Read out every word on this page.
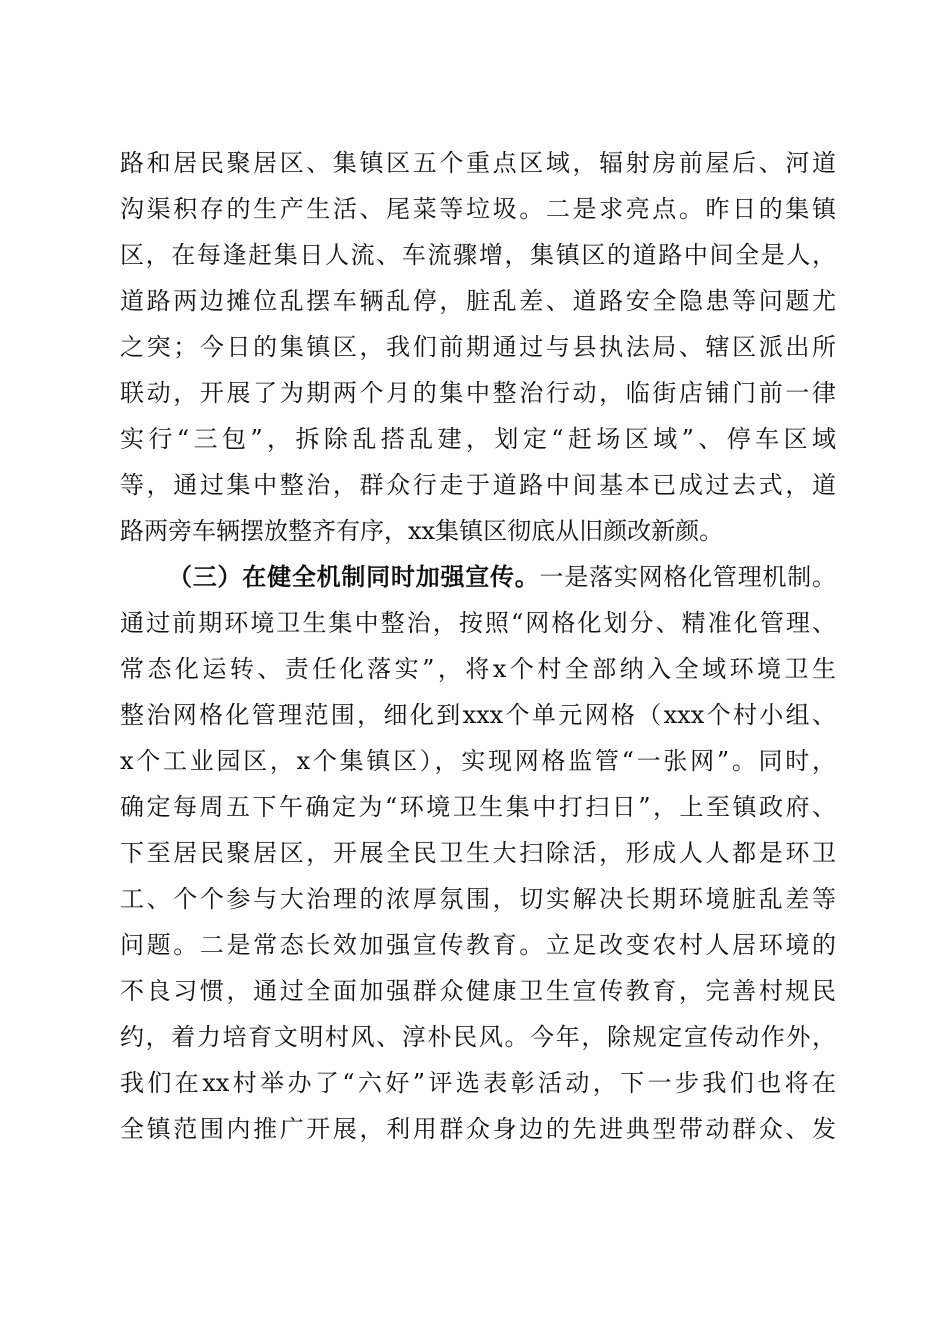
路和居民聚居区、集镇区五个重点区域，辐射房前屋后、河道
沟渠积存的生产生活、尾菜等垃圾。二是求亮点。昨日的集镇
区，在每逢赶集日人流、车流骤增，集镇区的道路中间全是人，
道路两边摊位乱摆车辆乱停，脏乱差、道路安全隐患等问题尤
之突；今日的集镇区，我们前期通过与县执法局、辖区派出所
联动，开展了为期两个月的集中整治行动，临街店铺门前一律
实行“三包”，拆除乱搭乱建，划定“赶场区域”、停车区域
等，通过集中整治，群众行走于道路中间基本已成过去式，道
路两旁车辆摆放整齐有序，xx集镇区彻底从旧颜改新颜。
（三）在健全机制同时加强宣传。一是落实网格化管理机制。
通过前期环境卫生集中整治，按照“网格化划分、精准化管理、
常态化运转、责任化落实”，将x个村全部纳入全域环境卫生
整治网格化管理范围，细化到xxx个单元网格（xxx个村小组、
x个工业园区，x个集镇区），实现网格监管“一张网”。同时，
确定每周五下午确定为“环境卫生集中打扫日”，上至镇政府、
下至居民聚居区，开展全民卫生大扫除活，形成人人都是环卫
工、个个参与大治理的浓厚氛围，切实解决长期环境脏乱差等
问题。二是常态长效加强宣传教育。立足改变农村人居环境的
不良习惯，通过全面加强群众健康卫生宣传教育，完善村规民
约，着力培育文明村风、淳朴民风。今年，除规定宣传动作外，
我们在xx村举办了“六好”评选表彰活动，下一步我们也将在
全镇范围内推广开展，利用群众身边的先进典型带动群众、发
